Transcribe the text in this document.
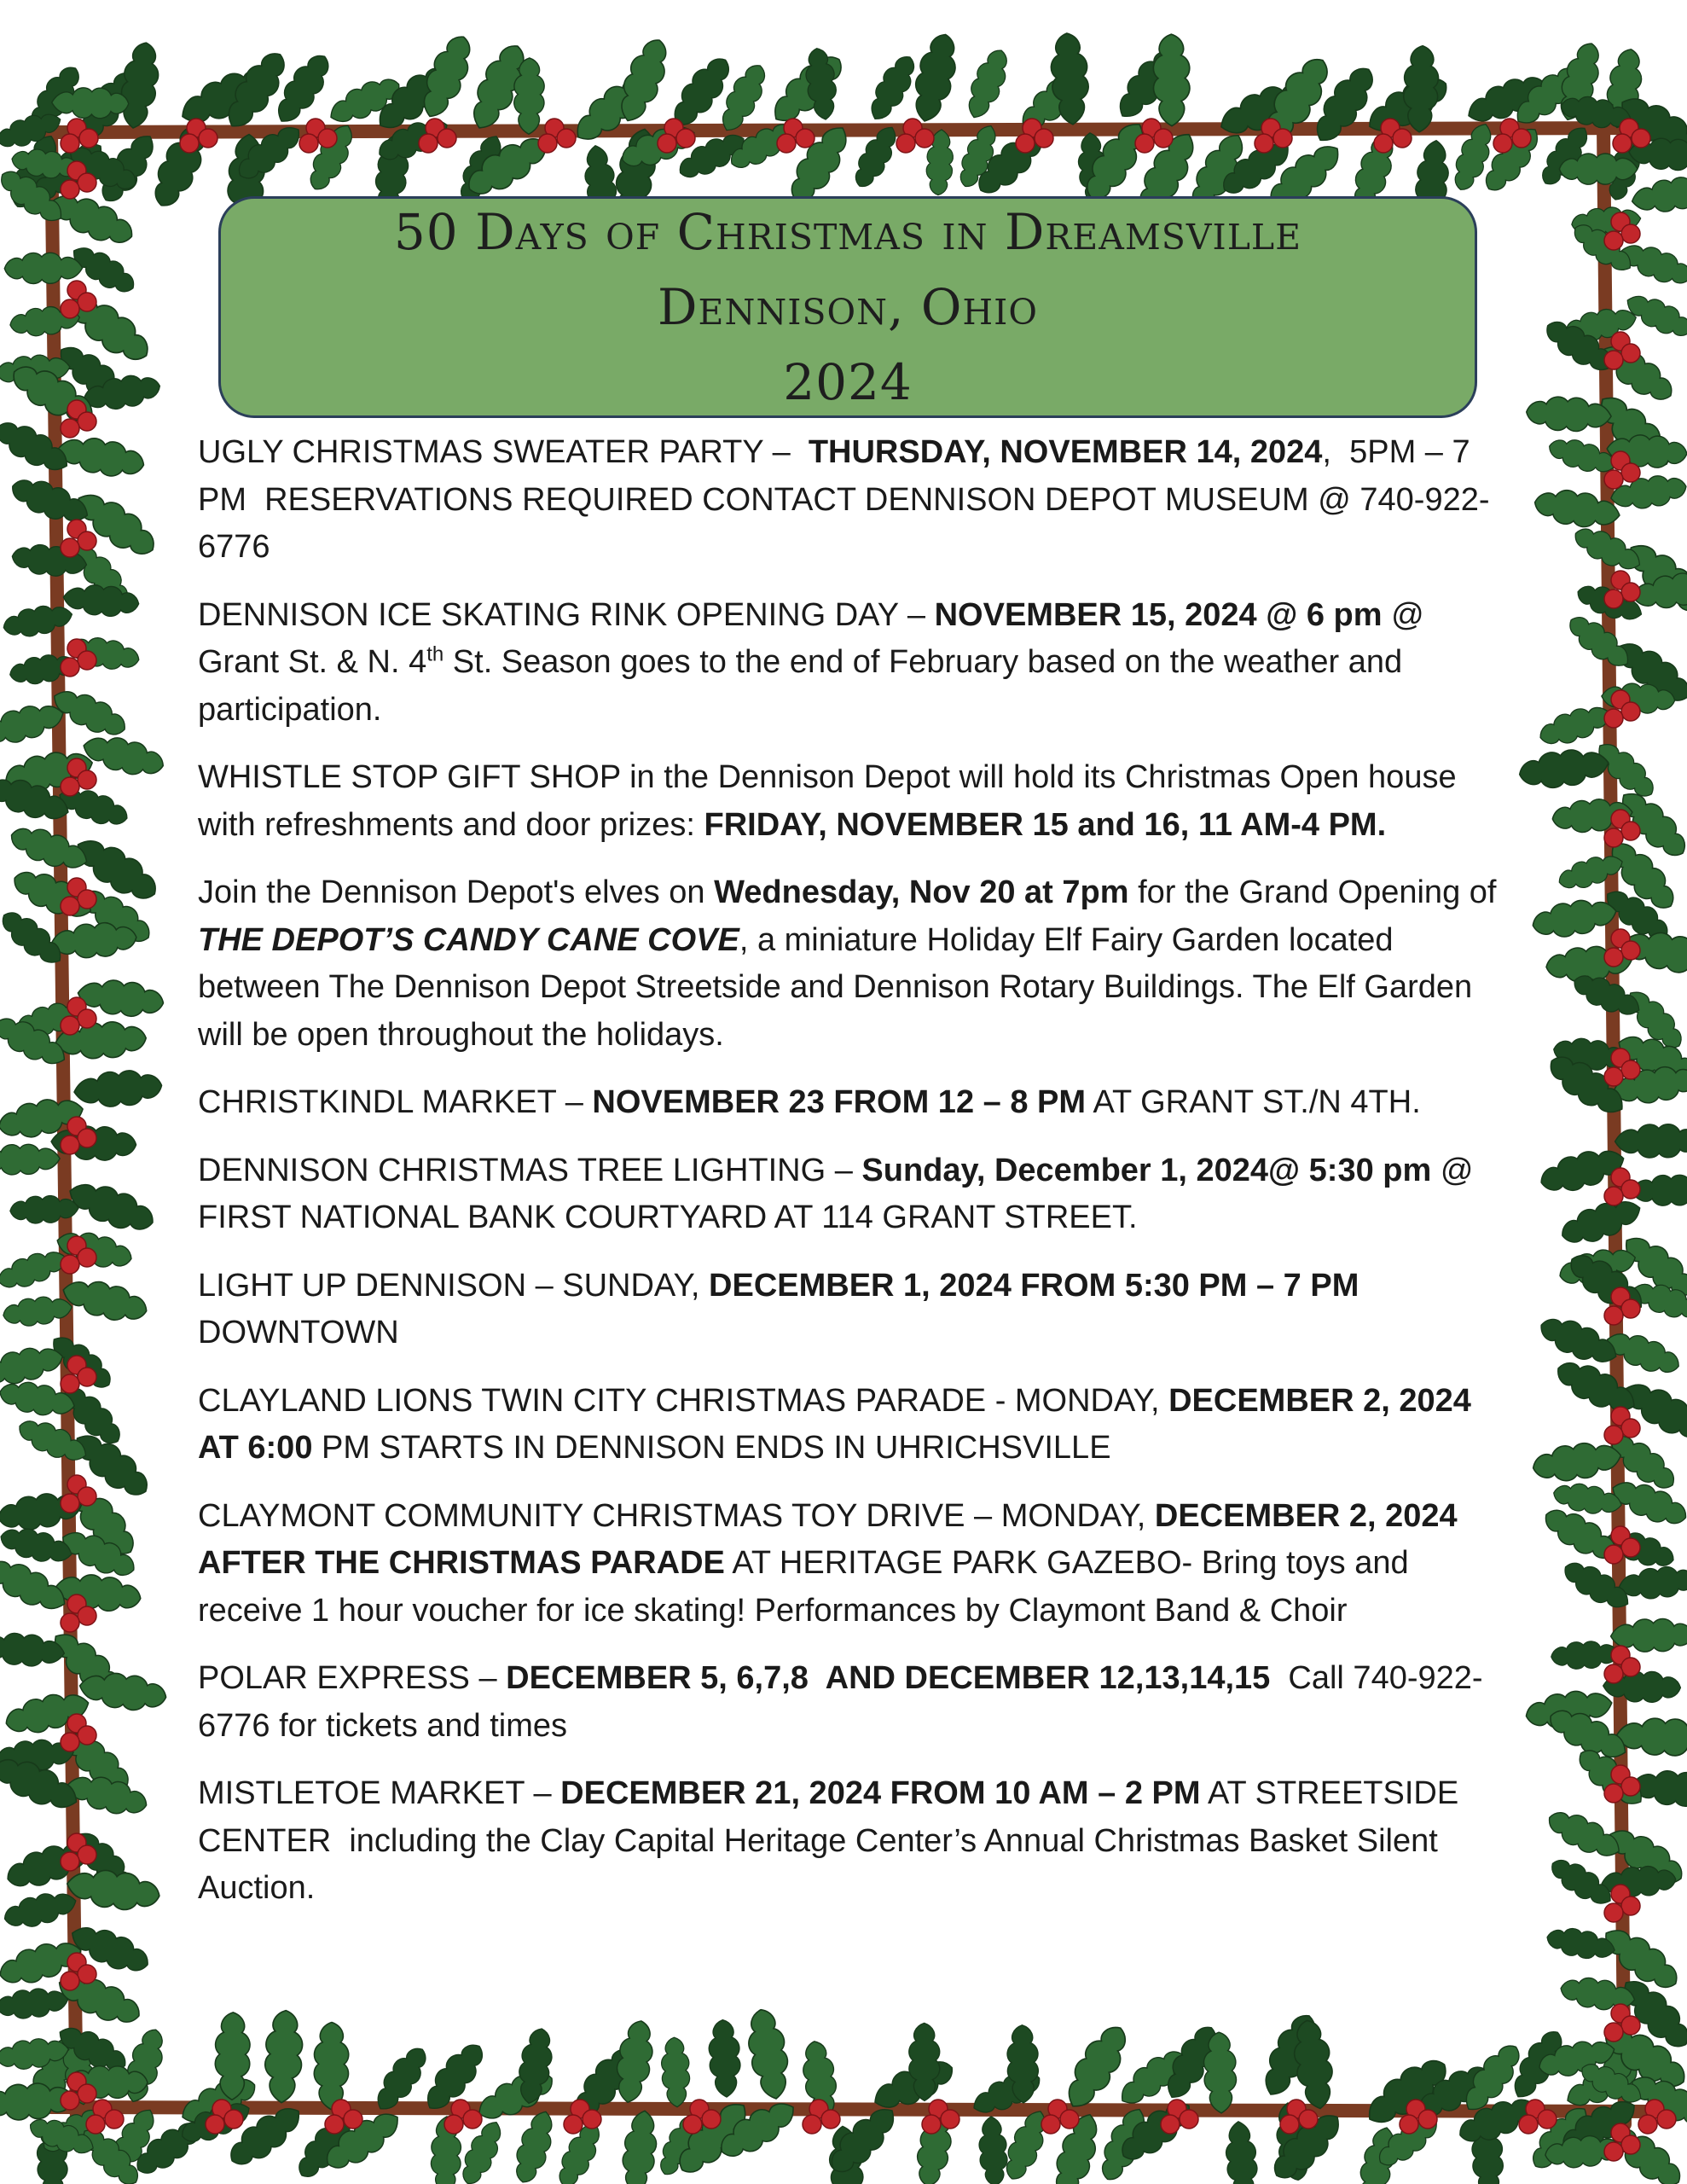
50 Days of Christmas in Dreamsville
Dennison, Ohio
2024

UGLY CHRISTMAS SWEATER PARTY –  THURSDAY, NOVEMBER 14, 2024,  5PM – 7 PM  RESERVATIONS REQUIRED CONTACT DENNISON DEPOT MUSEUM @ 740-922-6776

DENNISON ICE SKATING RINK OPENING DAY – NOVEMBER 15, 2024 @ 6 pm @ Grant St. & N. 4th St. Season goes to the end of February based on the weather and participation.

WHISTLE STOP GIFT SHOP in the Dennison Depot will hold its Christmas Open house with refreshments and door prizes: FRIDAY, NOVEMBER 15 and 16, 11 AM-4 PM.

Join the Dennison Depot's elves on Wednesday, Nov 20 at 7pm for the Grand Opening of THE DEPOT’S CANDY CANE COVE, a miniature Holiday Elf Fairy Garden located between The Dennison Depot Streetside and Dennison Rotary Buildings. The Elf Garden will be open throughout the holidays.

CHRISTKINDL MARKET – NOVEMBER 23 FROM 12 – 8 PM AT GRANT ST./N 4TH.

DENNISON CHRISTMAS TREE LIGHTING – Sunday, December 1, 2024@ 5:30 pm @ FIRST NATIONAL BANK COURTYARD AT 114 GRANT STREET.

LIGHT UP DENNISON – SUNDAY, DECEMBER 1, 2024 FROM 5:30 PM – 7 PM DOWNTOWN

CLAYLAND LIONS TWIN CITY CHRISTMAS PARADE - MONDAY, DECEMBER 2, 2024 AT 6:00 PM STARTS IN DENNISON ENDS IN UHRICHSVILLE

CLAYMONT COMMUNITY CHRISTMAS TOY DRIVE – MONDAY, DECEMBER 2, 2024 AFTER THE CHRISTMAS PARADE AT HERITAGE PARK GAZEBO- Bring toys and receive 1 hour voucher for ice skating! Performances by Claymont Band & Choir

POLAR EXPRESS – DECEMBER 5, 6,7,8  AND DECEMBER 12,13,14,15  Call 740-922-6776 for tickets and times

MISTLETOE MARKET – DECEMBER 21, 2024 FROM 10 AM – 2 PM AT STREETSIDE CENTER  including the Clay Capital Heritage Center’s Annual Christmas Basket Silent Auction.
